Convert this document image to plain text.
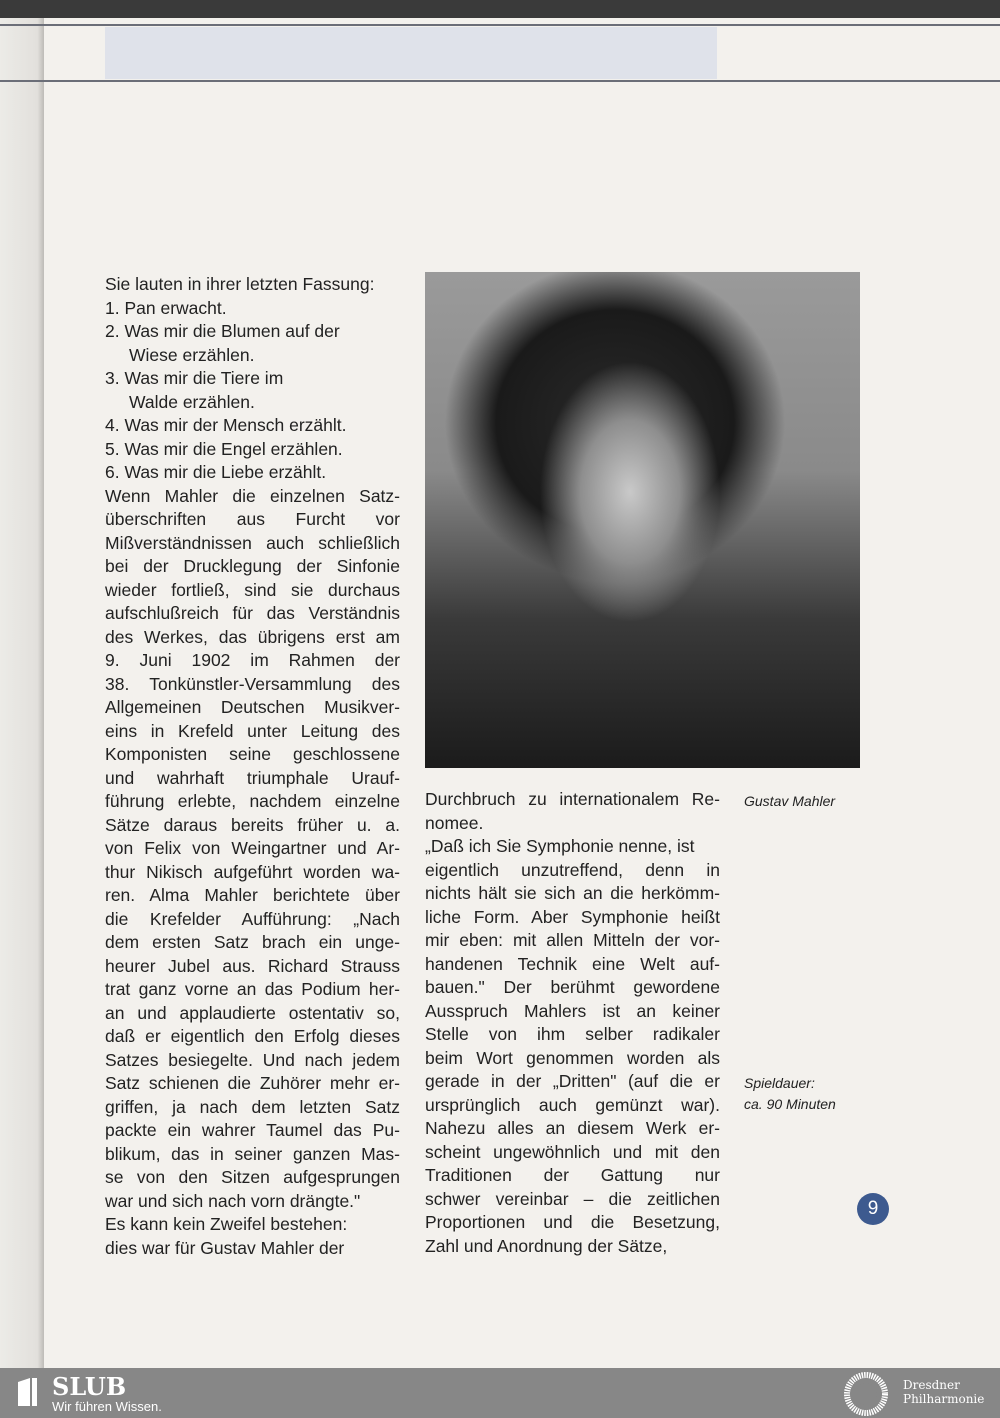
Sie lauten in ihrer letzten Fassung:
1. Pan erwacht.
2. Was mir die Blumen auf der
Wiese erzählen.
3. Was mir die Tiere im
Walde erzählen.
4. Was mir der Mensch erzählt.
5. Was mir die Engel erzählen.
6. Was mir die Liebe erzählt.
Wenn Mahler die einzelnen Satz-
überschriften aus Furcht vor
Mißverständnissen auch schließlich
bei der Drucklegung der Sinfonie
wieder fortließ, sind sie durchaus
aufschlußreich für das Verständnis
des Werkes, das übrigens erst am
9. Juni 1902 im Rahmen der
38. Tonkünstler-Versammlung des
Allgemeinen Deutschen Musikver-
eins in Krefeld unter Leitung des
Komponisten seine geschlossene
und wahrhaft triumphale Urauf-
führung erlebte, nachdem einzelne
Sätze daraus bereits früher u. a.
von Felix von Weingartner und Ar-
thur Nikisch aufgeführt worden wa-
ren. Alma Mahler berichtete über
die Krefelder Aufführung: „Nach
dem ersten Satz brach ein unge-
heurer Jubel aus. Richard Strauss
trat ganz vorne an das Podium her-
an und applaudierte ostentativ so,
daß er eigentlich den Erfolg dieses
Satzes besiegelte. Und nach jedem
Satz schienen die Zuhörer mehr er-
griffen, ja nach dem letzten Satz
packte ein wahrer Taumel das Pu-
blikum, das in seiner ganzen Mas-
se von den Sitzen aufgesprungen
war und sich nach vorn drängte."
Es kann kein Zweifel bestehen:
dies war für Gustav Mahler der
Durchbruch zu internationalem Re-
nomee.
„Daß ich Sie Symphonie nenne, ist
eigentlich unzutreffend, denn in
nichts hält sie sich an die herkömm-
liche Form. Aber Symphonie heißt
mir eben: mit allen Mitteln der vor-
handenen Technik eine Welt auf-
bauen." Der berühmt gewordene
Ausspruch Mahlers ist an keiner
Stelle von ihm selber radikaler
beim Wort genommen worden als
gerade in der „Dritten" (auf die er
ursprünglich auch gemünzt war).
Nahezu alles an diesem Werk er-
scheint ungewöhnlich und mit den
Traditionen der Gattung nur
schwer vereinbar – die zeitlichen
Proportionen und die Besetzung,
Zahl und Anordnung der Sätze,
Gustav Mahler
Spieldauer:
ca. 90 Minuten
9
SLUB
Wir führen Wissen.
Dresdner
Philharmonie
